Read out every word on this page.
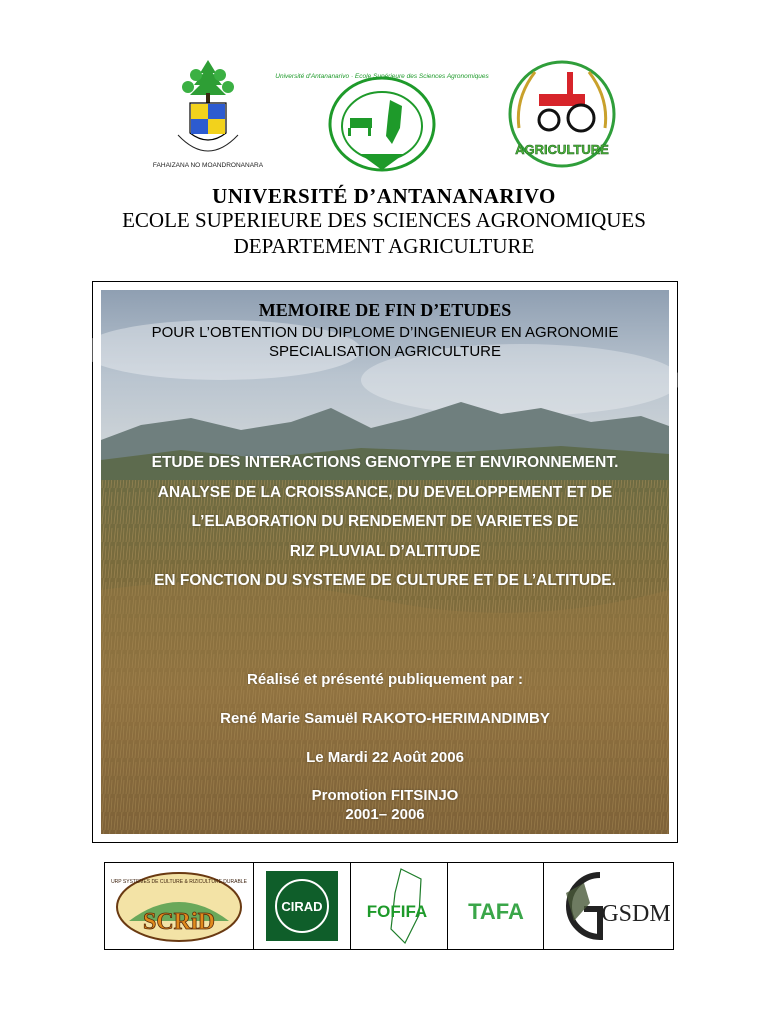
FAHAIZANA NO MOANDRONANARA
Université d'Antananarivo · Ecole Supérieure des Sciences Agronomiques
AGRICULTURE
UNIVERSITÉ D’ANTANANARIVO
ECOLE SUPERIEURE DES SCIENCES AGRONOMIQUES
DEPARTEMENT AGRICULTURE
MEMOIRE DE FIN D’ETUDES
POUR L’OBTENTION DU DIPLOME D’INGENIEUR EN AGRONOMIE
SPECIALISATION AGRICULTURE
ETUDE DES INTERACTIONS GENOTYPE ET ENVIRONNEMENT.
ANALYSE DE LA CROISSANCE, DU DEVELOPPEMENT ET DE
L’ELABORATION DU RENDEMENT DE VARIETES DE
RIZ PLUVIAL D’ALTITUDE
EN FONCTION DU SYSTEME DE CULTURE ET DE L’ALTITUDE.
Réalisé et présenté publiquement par :
René Marie Samuël RAKOTO-HERIMANDIMBY
Le Mardi 22 Août 2006
Promotion FITSINJO
2001– 2006
URP SYSTEMES DE CULTURE & RIZICULTURE DURABLE
SCRiD
CIRAD	FOFIFA TAFA	GSDM
